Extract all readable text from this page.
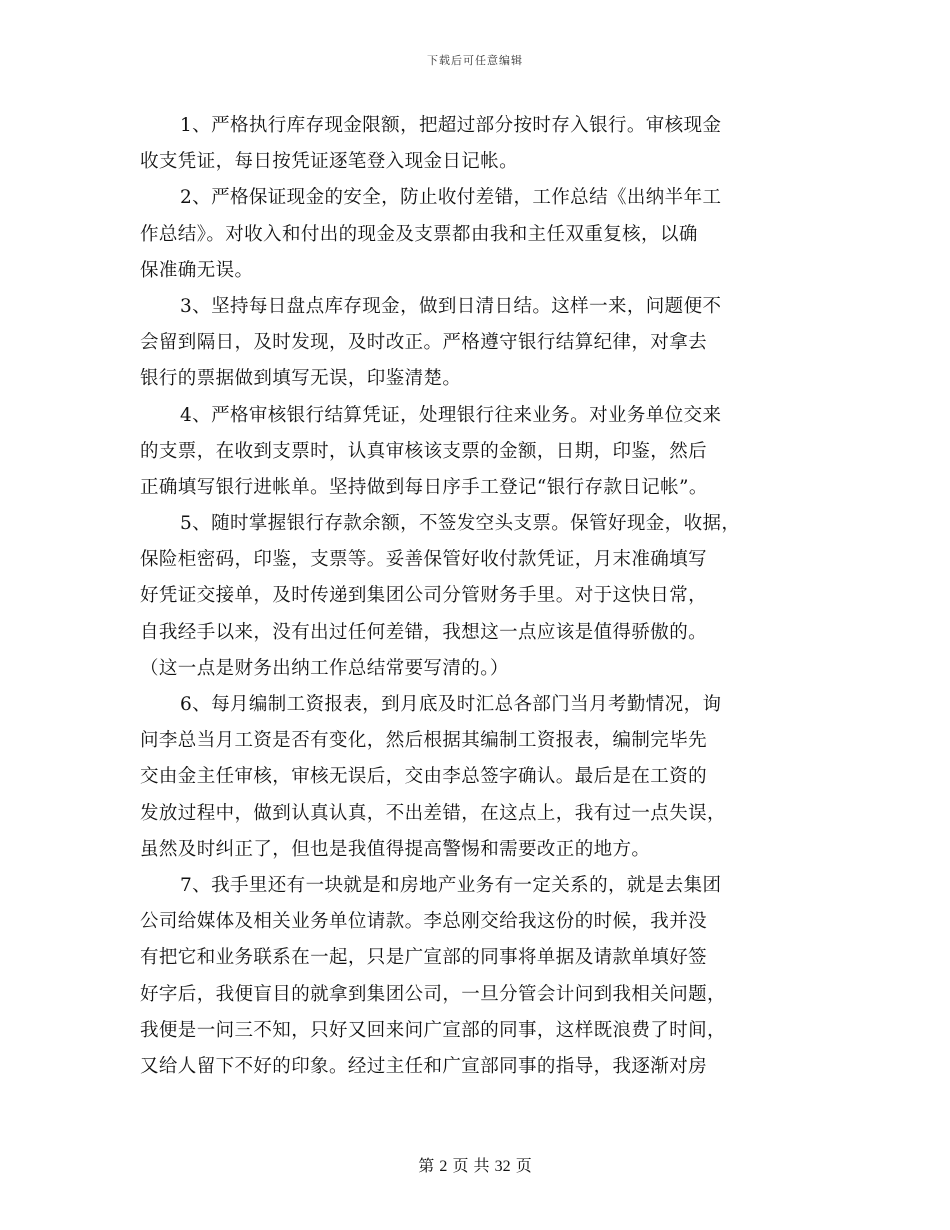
下载后可任意编辑
1、严格执行库存现金限额，把超过部分按时存入银行。审核现金
收支凭证，每日按凭证逐笔登入现金日记帐。
2、严格保证现金的安全，防止收付差错，工作总结《出纳半年工
作总结》。对收入和付出的现金及支票都由我和主任双重复核，以确
保准确无误。
3、坚持每日盘点库存现金，做到日清日结。这样一来，问题便不
会留到隔日，及时发现，及时改正。严格遵守银行结算纪律，对拿去
银行的票据做到填写无误，印鉴清楚。
4、严格审核银行结算凭证，处理银行往来业务。对业务单位交来
的支票，在收到支票时，认真审核该支票的金额，日期，印鉴，然后
正确填写银行进帐单。坚持做到每日序手工登记“银行存款日记帐”。
5、随时掌握银行存款余额，不签发空头支票。保管好现金，收据，
保险柜密码，印鉴，支票等。妥善保管好收付款凭证，月末准确填写
好凭证交接单，及时传递到集团公司分管财务手里。对于这快日常，
自我经手以来，没有出过任何差错，我想这一点应该是值得骄傲的。
（这一点是财务出纳工作总结常要写清的。）
6、每月编制工资报表，到月底及时汇总各部门当月考勤情况，询
问李总当月工资是否有变化，然后根据其编制工资报表，编制完毕先
交由金主任审核，审核无误后，交由李总签字确认。最后是在工资的
发放过程中，做到认真认真，不出差错，在这点上，我有过一点失误，
虽然及时纠正了，但也是我值得提高警惕和需要改正的地方。
7、我手里还有一块就是和房地产业务有一定关系的，就是去集团
公司给媒体及相关业务单位请款。李总刚交给我这份的时候，我并没
有把它和业务联系在一起，只是广宣部的同事将单据及请款单填好签
好字后，我便盲目的就拿到集团公司，一旦分管会计问到我相关问题，
我便是一问三不知，只好又回来问广宣部的同事，这样既浪费了时间，
又给人留下不好的印象。经过主任和广宣部同事的指导，我逐渐对房
第 2 页 共 32 页
